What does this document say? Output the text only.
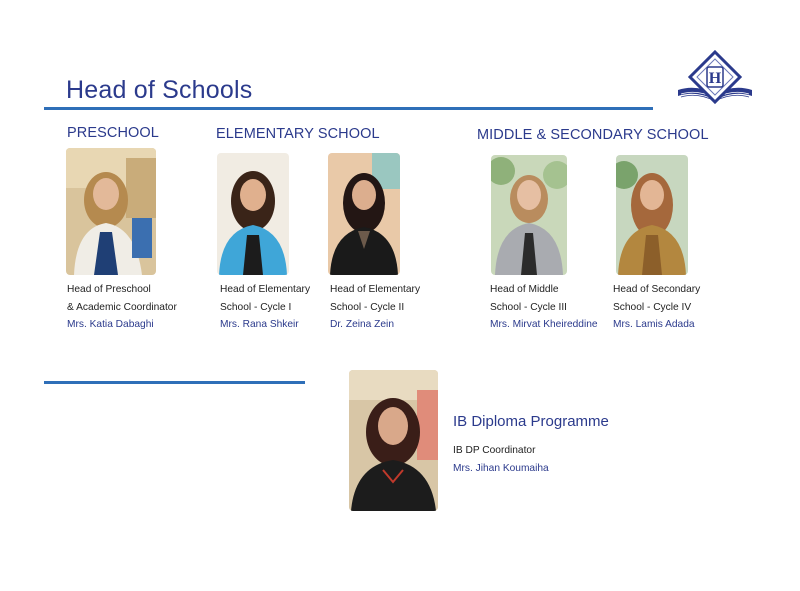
Head of Schools	H
PRESCHOOL	ELEMENTARY SCHOOL	MIDDLE & SECONDARY SCHOOL
Head of Preschool
& Academic Coordinator
Mrs. Katia Dabaghi
Head of Elementary
School - Cycle I
Mrs. Rana Shkeir
Head of Elementary
School - Cycle II
Dr. Zeina Zein
Head of Middle
School - Cycle III
Mrs. Mirvat Kheireddine
Head of Secondary
School - Cycle IV
Mrs. Lamis Adada
IB Diploma Programme
IB DP Coordinator
Mrs. Jihan Koumaiha
